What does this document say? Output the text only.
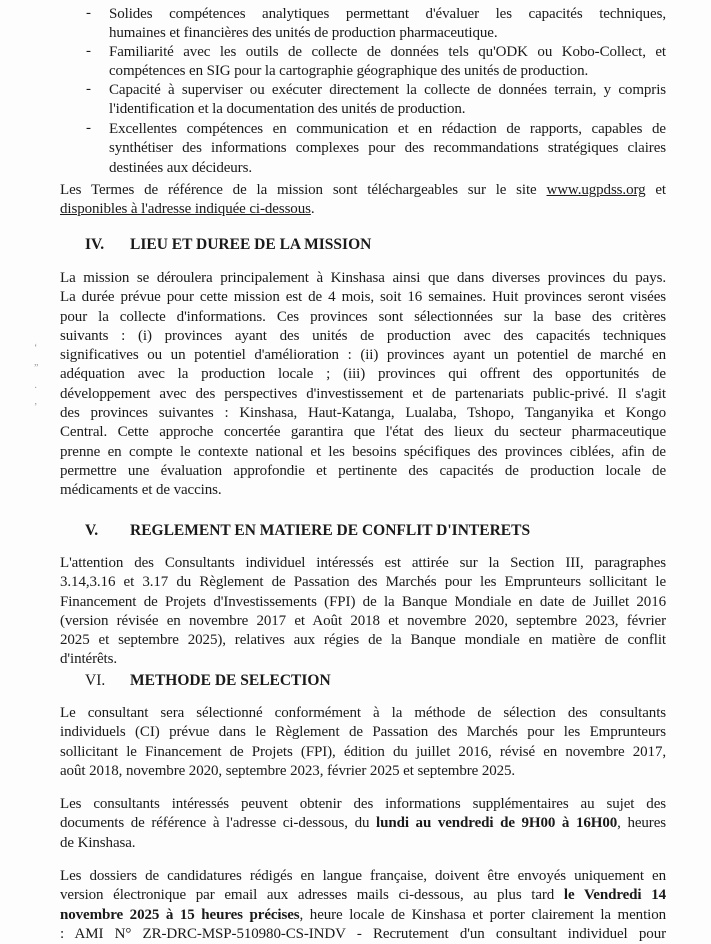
- Solides compétences analytiques permettant d'évaluer les capacités techniques,
humaines et financières des unités de production pharmaceutique.
- Familiarité avec les outils de collecte de données tels qu'ODK ou Kobo-Collect, et
compétences en SIG pour la cartographie géographique des unités de production.
- Capacité à superviser ou exécuter directement la collecte de données terrain, y compris
l'identification et la documentation des unités de production.
- Excellentes compétences en communication et en rédaction de rapports, capables de
synthétiser des informations complexes pour des recommandations stratégiques claires
destinées aux décideurs.
Les Termes de référence de la mission sont téléchargeables sur le site www.ugpdss.org et
disponibles à l'adresse indiquée ci-dessous.
IV. LIEU ET DUREE DE LA MISSION
V. REGLEMENT EN MATIERE DE CONFLIT D'INTERETS
VI. METHODE DE SELECTION
La mission se déroulera principalement à Kinshasa ainsi que dans diverses provinces du pays.
La durée prévue pour cette mission est de 4 mois, soit 16 semaines. Huit provinces seront visées
pour la collecte d'informations. Ces provinces sont sélectionnées sur la base des critères
suivants : (i) provinces ayant des unités de production avec des capacités techniques
significatives ou un potentiel d'amélioration : (ii) provinces ayant un potentiel de marché en
adéquation avec la production locale ; (iii) provinces qui offrent des opportunités de
développement avec des perspectives d'investissement et de partenariats public-privé. Il s'agit
des provinces suivantes : Kinshasa, Haut-Katanga, Lualaba, Tshopo, Tanganyika et Kongo
Central. Cette approche concertée garantira que l'état des lieux du secteur pharmaceutique
prenne en compte le contexte national et les besoins spécifiques des provinces ciblées, afin de
permettre une évaluation approfondie et pertinente des capacités de production locale de
médicaments et de vaccins.
L'attention des Consultants individuel intéressés est attirée sur la Section III, paragraphes
3.14,3.16 et 3.17 du Règlement de Passation des Marchés pour les Emprunteurs sollicitant le
Financement de Projets d'Investissements (FPI) de la Banque Mondiale en date de Juillet 2016
(version révisée en novembre 2017 et Août 2018 et novembre 2020, septembre 2023, février
2025 et septembre 2025), relatives aux régies de la Banque mondiale en matière de conflit
d'intérêts.
Le consultant sera sélectionné conformément à la méthode de sélection des consultants
individuels (CI) prévue dans le Règlement de Passation des Marchés pour les Emprunteurs
sollicitant le Financement de Projets (FPI), édition du juillet 2016, révisé en novembre 2017,
août 2018, novembre 2020, septembre 2023, février 2025 et septembre 2025.
Les consultants intéressés peuvent obtenir des informations supplémentaires au sujet des
documents de référence à l'adresse ci-dessous, du lundi au vendredi de 9H00 à 16H00, heures
de Kinshasa.
Les dossiers de candidatures rédigés en langue française, doivent être envoyés uniquement en
version électronique par email aux adresses mails ci-dessous, au plus tard le Vendredi 14
novembre 2025 à 15 heures précises, heure locale de Kinshasa et porter clairement la mention
: AMI N° ZR-DRC-MSP-510980-CS-INDV - Recrutement d'un consultant individuel pour
‘
”
·
’
